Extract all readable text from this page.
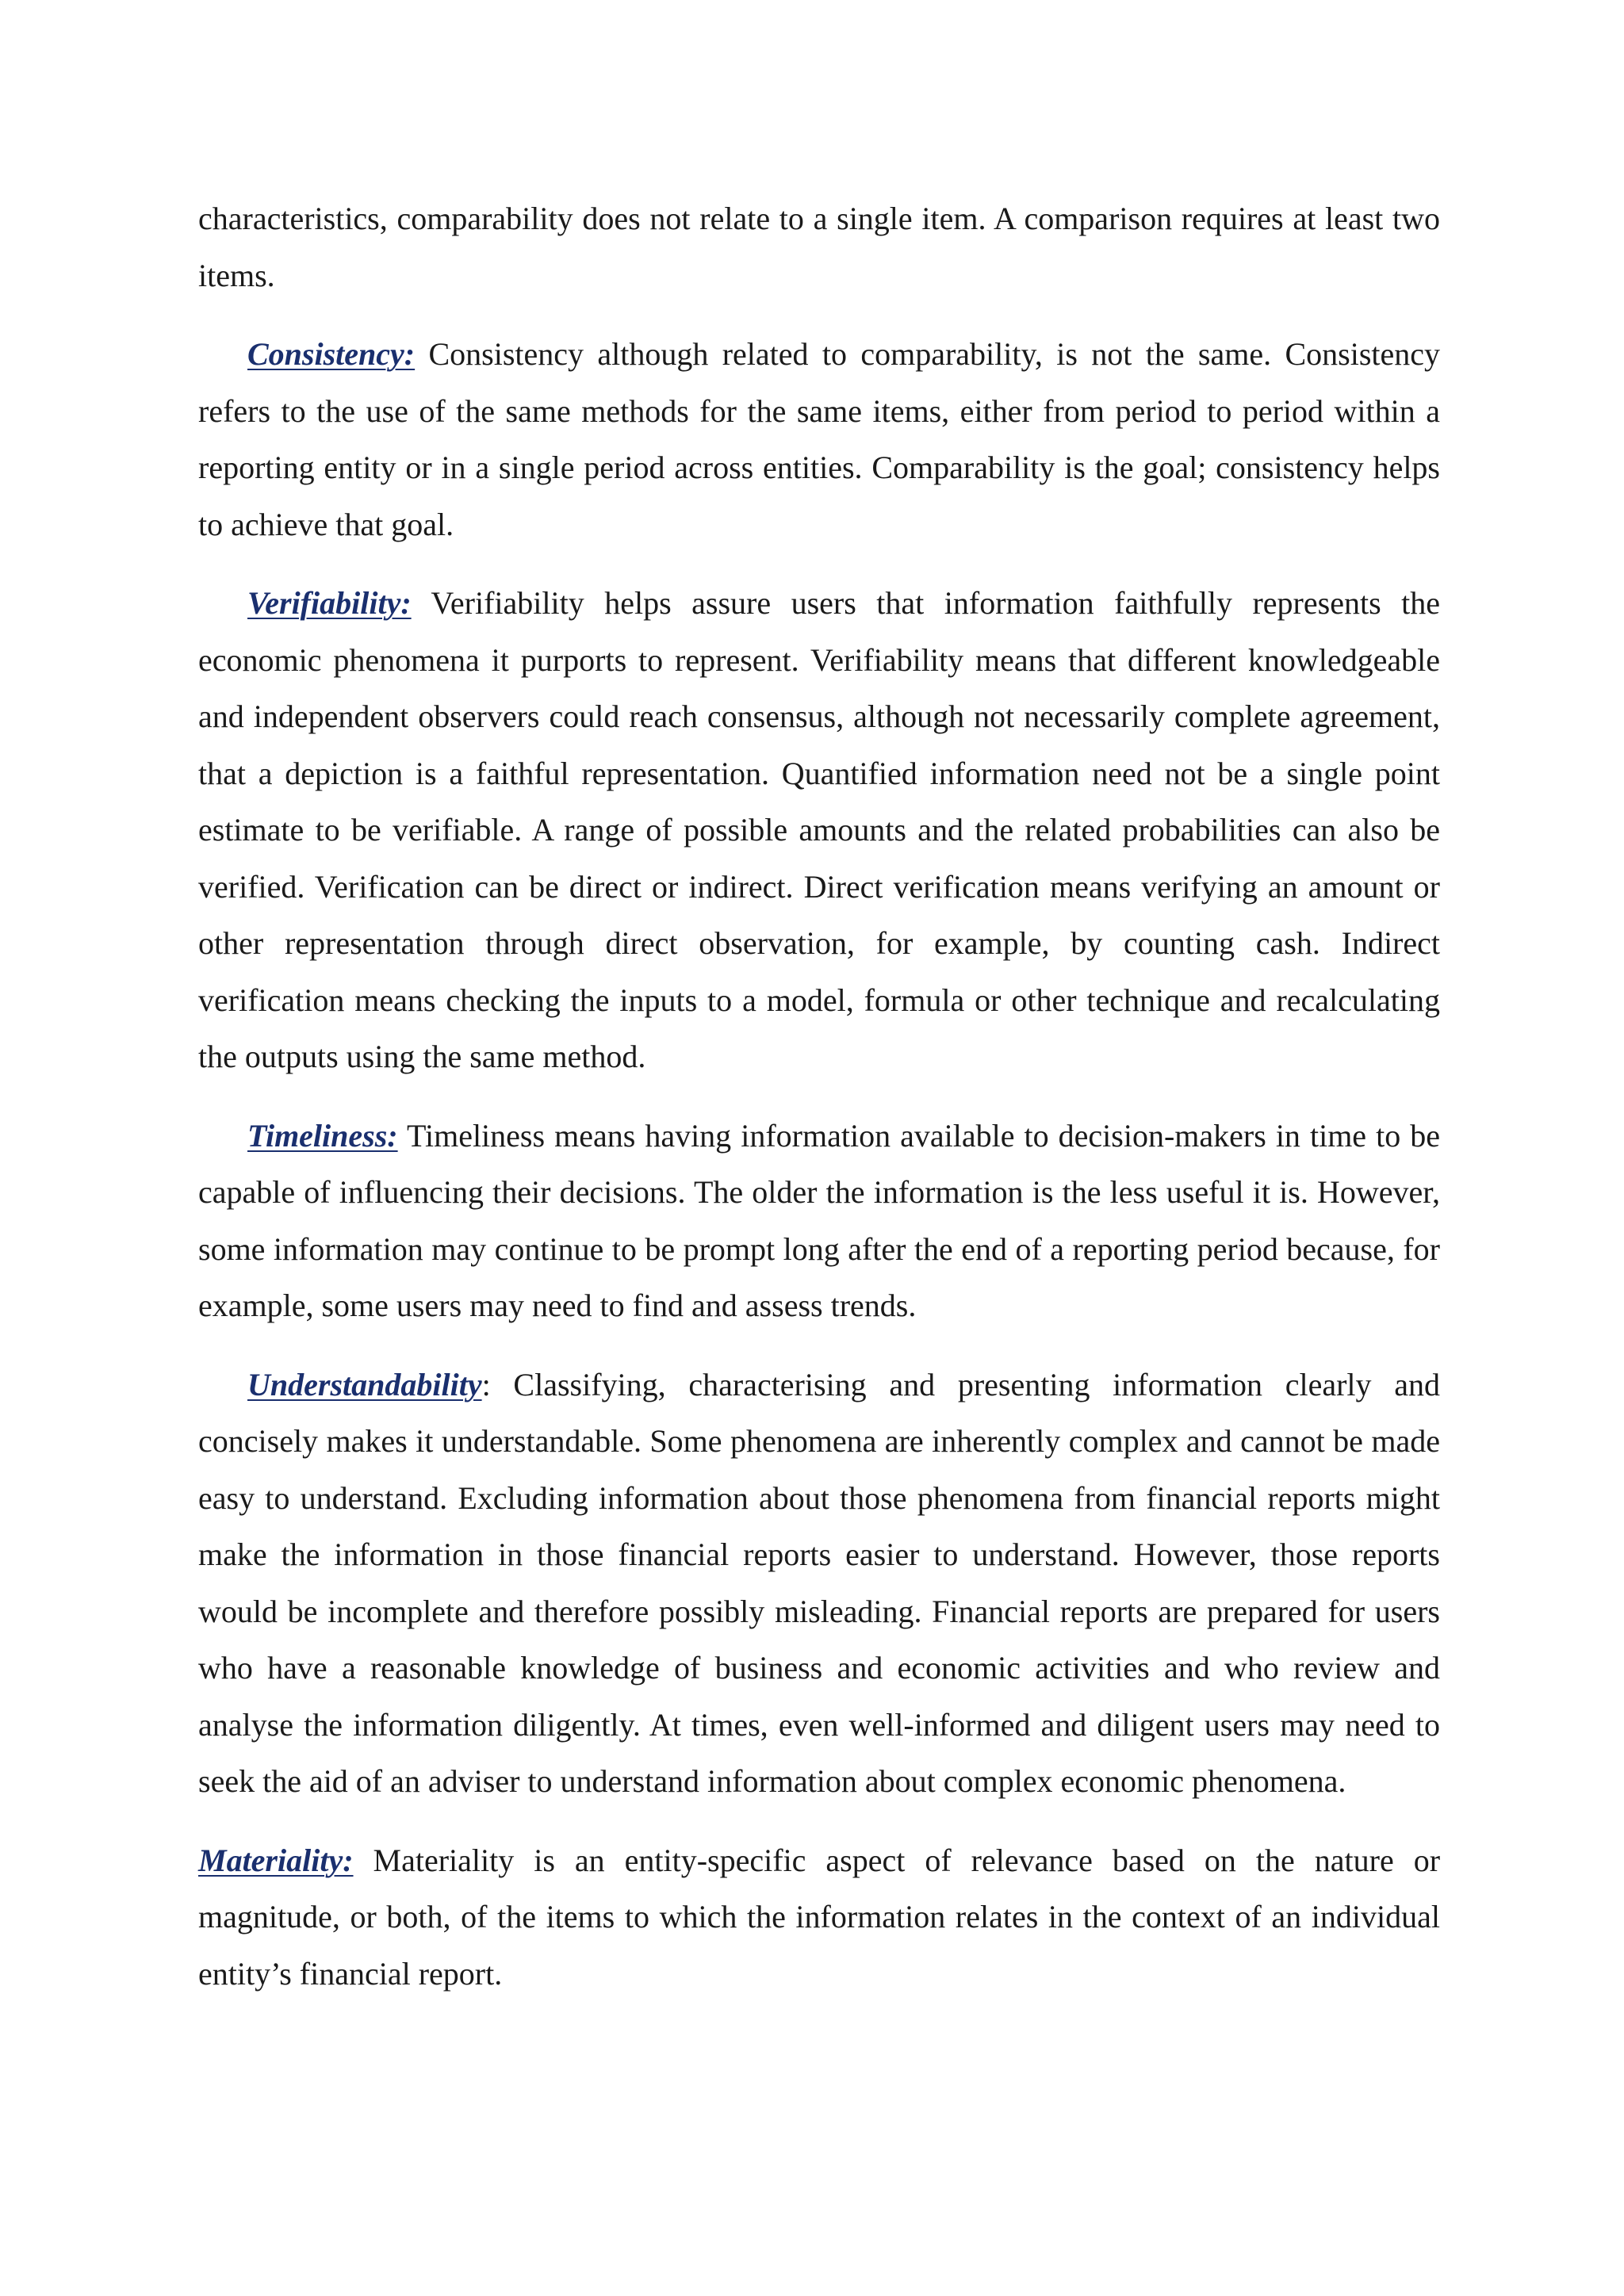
characteristics, comparability does not relate to a single item. A comparison requires at least two items.

Consistency: Consistency although related to comparability, is not the same. Consistency refers to the use of the same methods for the same items, either from period to period within a reporting entity or in a single period across entities. Comparability is the goal; consistency helps to achieve that goal.

Verifiability: Verifiability helps assure users that information faithfully represents the economic phenomena it purports to represent. Verifiability means that different knowledgeable and independent observers could reach consensus, although not necessarily complete agreement, that a depiction is a faithful representation. Quantified information need not be a single point estimate to be verifiable. A range of possible amounts and the related probabilities can also be verified. Verification can be direct or indirect. Direct verification means verifying an amount or other representation through direct observation, for example, by counting cash. Indirect verification means checking the inputs to a model, formula or other technique and recalculating the outputs using the same method.

Timeliness: Timeliness means having information available to decision-makers in time to be capable of influencing their decisions. The older the information is the less useful it is. However, some information may continue to be prompt long after the end of a reporting period because, for example, some users may need to find and assess trends.

Understandability: Classifying, characterising and presenting information clearly and concisely makes it understandable. Some phenomena are inherently complex and cannot be made easy to understand. Excluding information about those phenomena from financial reports might make the information in those financial reports easier to understand. However, those reports would be incomplete and therefore possibly misleading. Financial reports are prepared for users who have a reasonable knowledge of business and economic activities and who review and analyse the information diligently. At times, even well-informed and diligent users may need to seek the aid of an adviser to understand information about complex economic phenomena.

Materiality: Materiality is an entity-specific aspect of relevance based on the nature or magnitude, or both, of the items to which the information relates in the context of an individual entity’s financial report.
